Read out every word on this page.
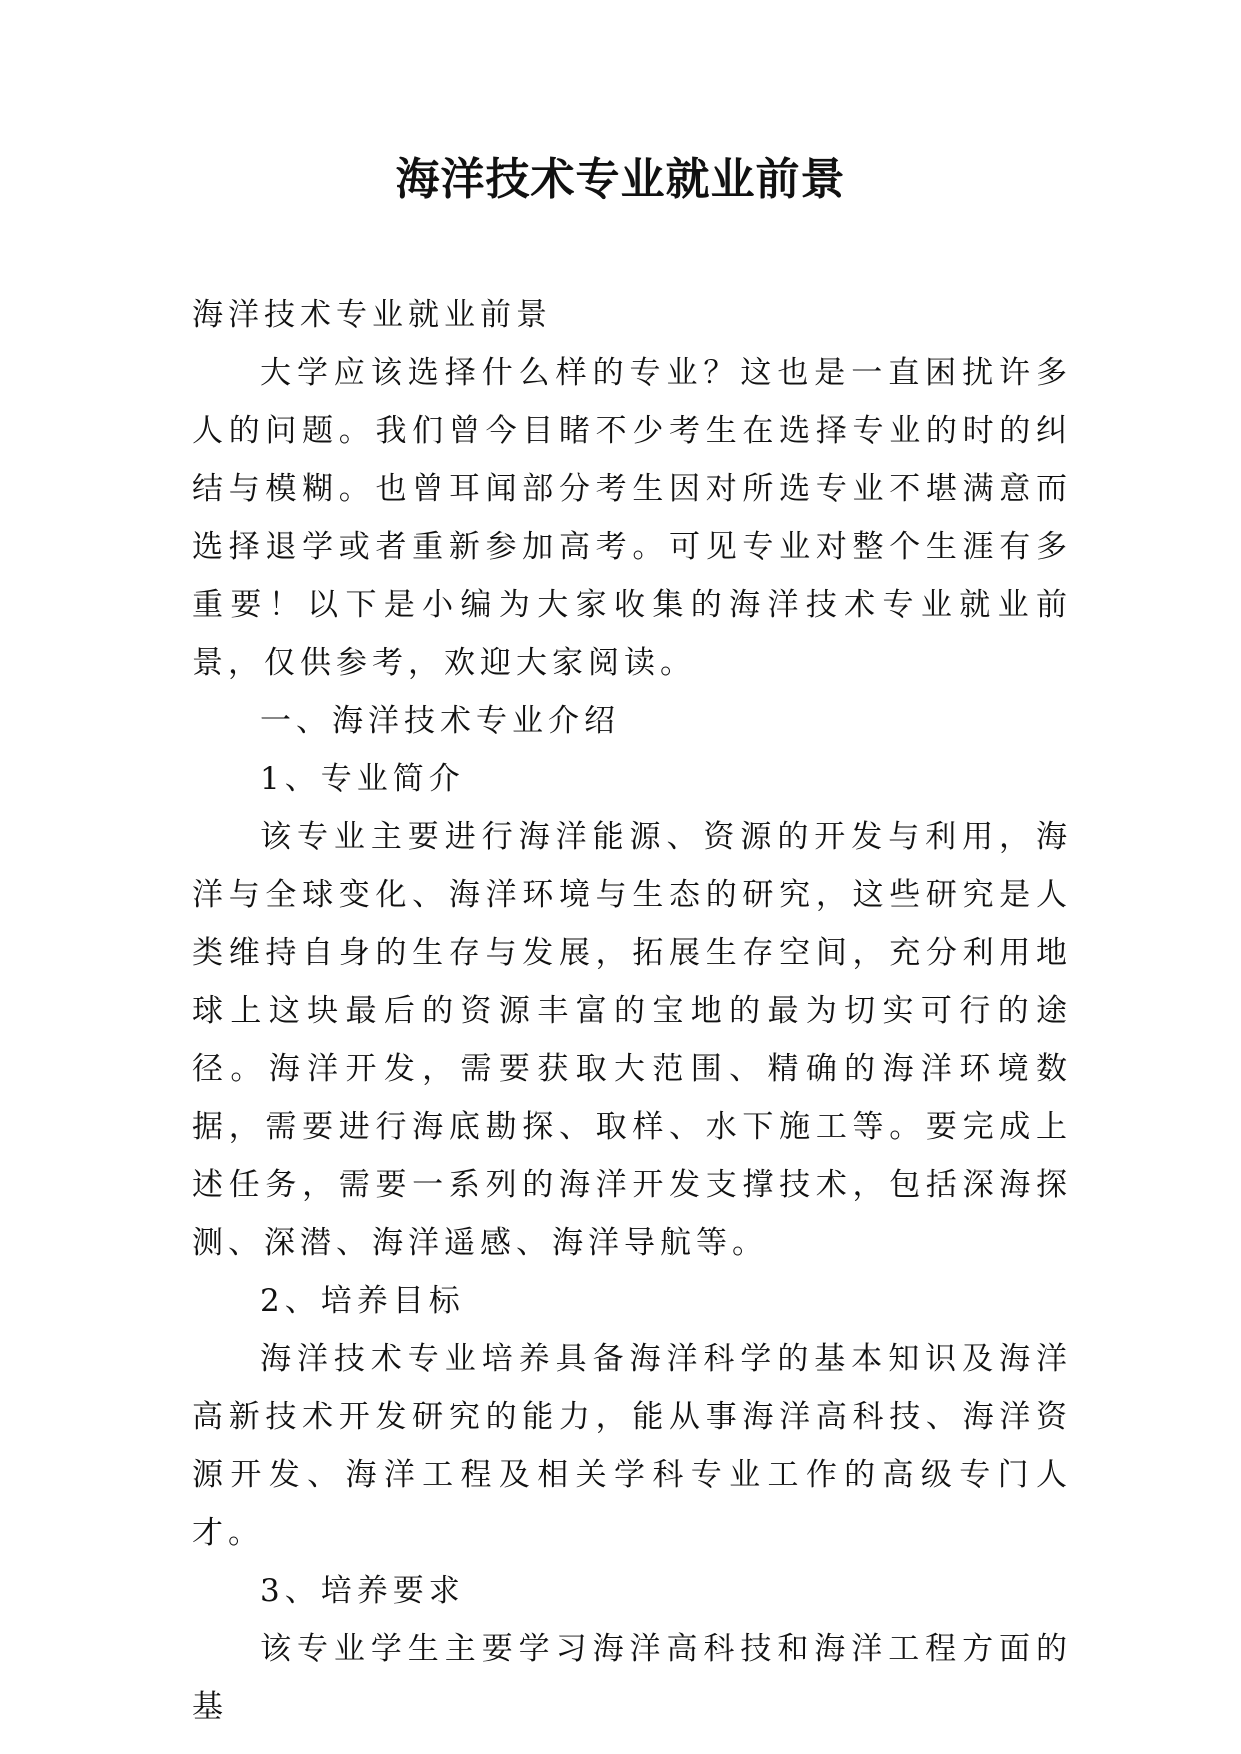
海洋技术专业就业前景

海洋技术专业就业前景

大学应该选择什么样的专业？这也是一直困扰许多人的问题。我们曾今目睹不少考生在选择专业的时的纠结与模糊。也曾耳闻部分考生因对所选专业不堪满意而选择退学或者重新参加高考。可见专业对整个生涯有多重要！以下是小编为大家收集的海洋技术专业就业前景，仅供参考，欢迎大家阅读。

一、海洋技术专业介绍

1、专业简介

该专业主要进行海洋能源、资源的开发与利用，海洋与全球变化、海洋环境与生态的研究，这些研究是人类维持自身的生存与发展，拓展生存空间，充分利用地球上这块最后的资源丰富的宝地的最为切实可行的途径。海洋开发，需要获取大范围、精确的海洋环境数据，需要进行海底勘探、取样、水下施工等。要完成上述任务，需要一系列的海洋开发支撑技术，包括深海探测、深潜、海洋遥感、海洋导航等。

2、培养目标

海洋技术专业培养具备海洋科学的基本知识及海洋高新技术开发研究的能力，能从事海洋高科技、海洋资源开发、海洋工程及相关学科专业工作的高级专门人才。

3、培养要求

该专业学生主要学习海洋高科技和海洋工程方面的基
